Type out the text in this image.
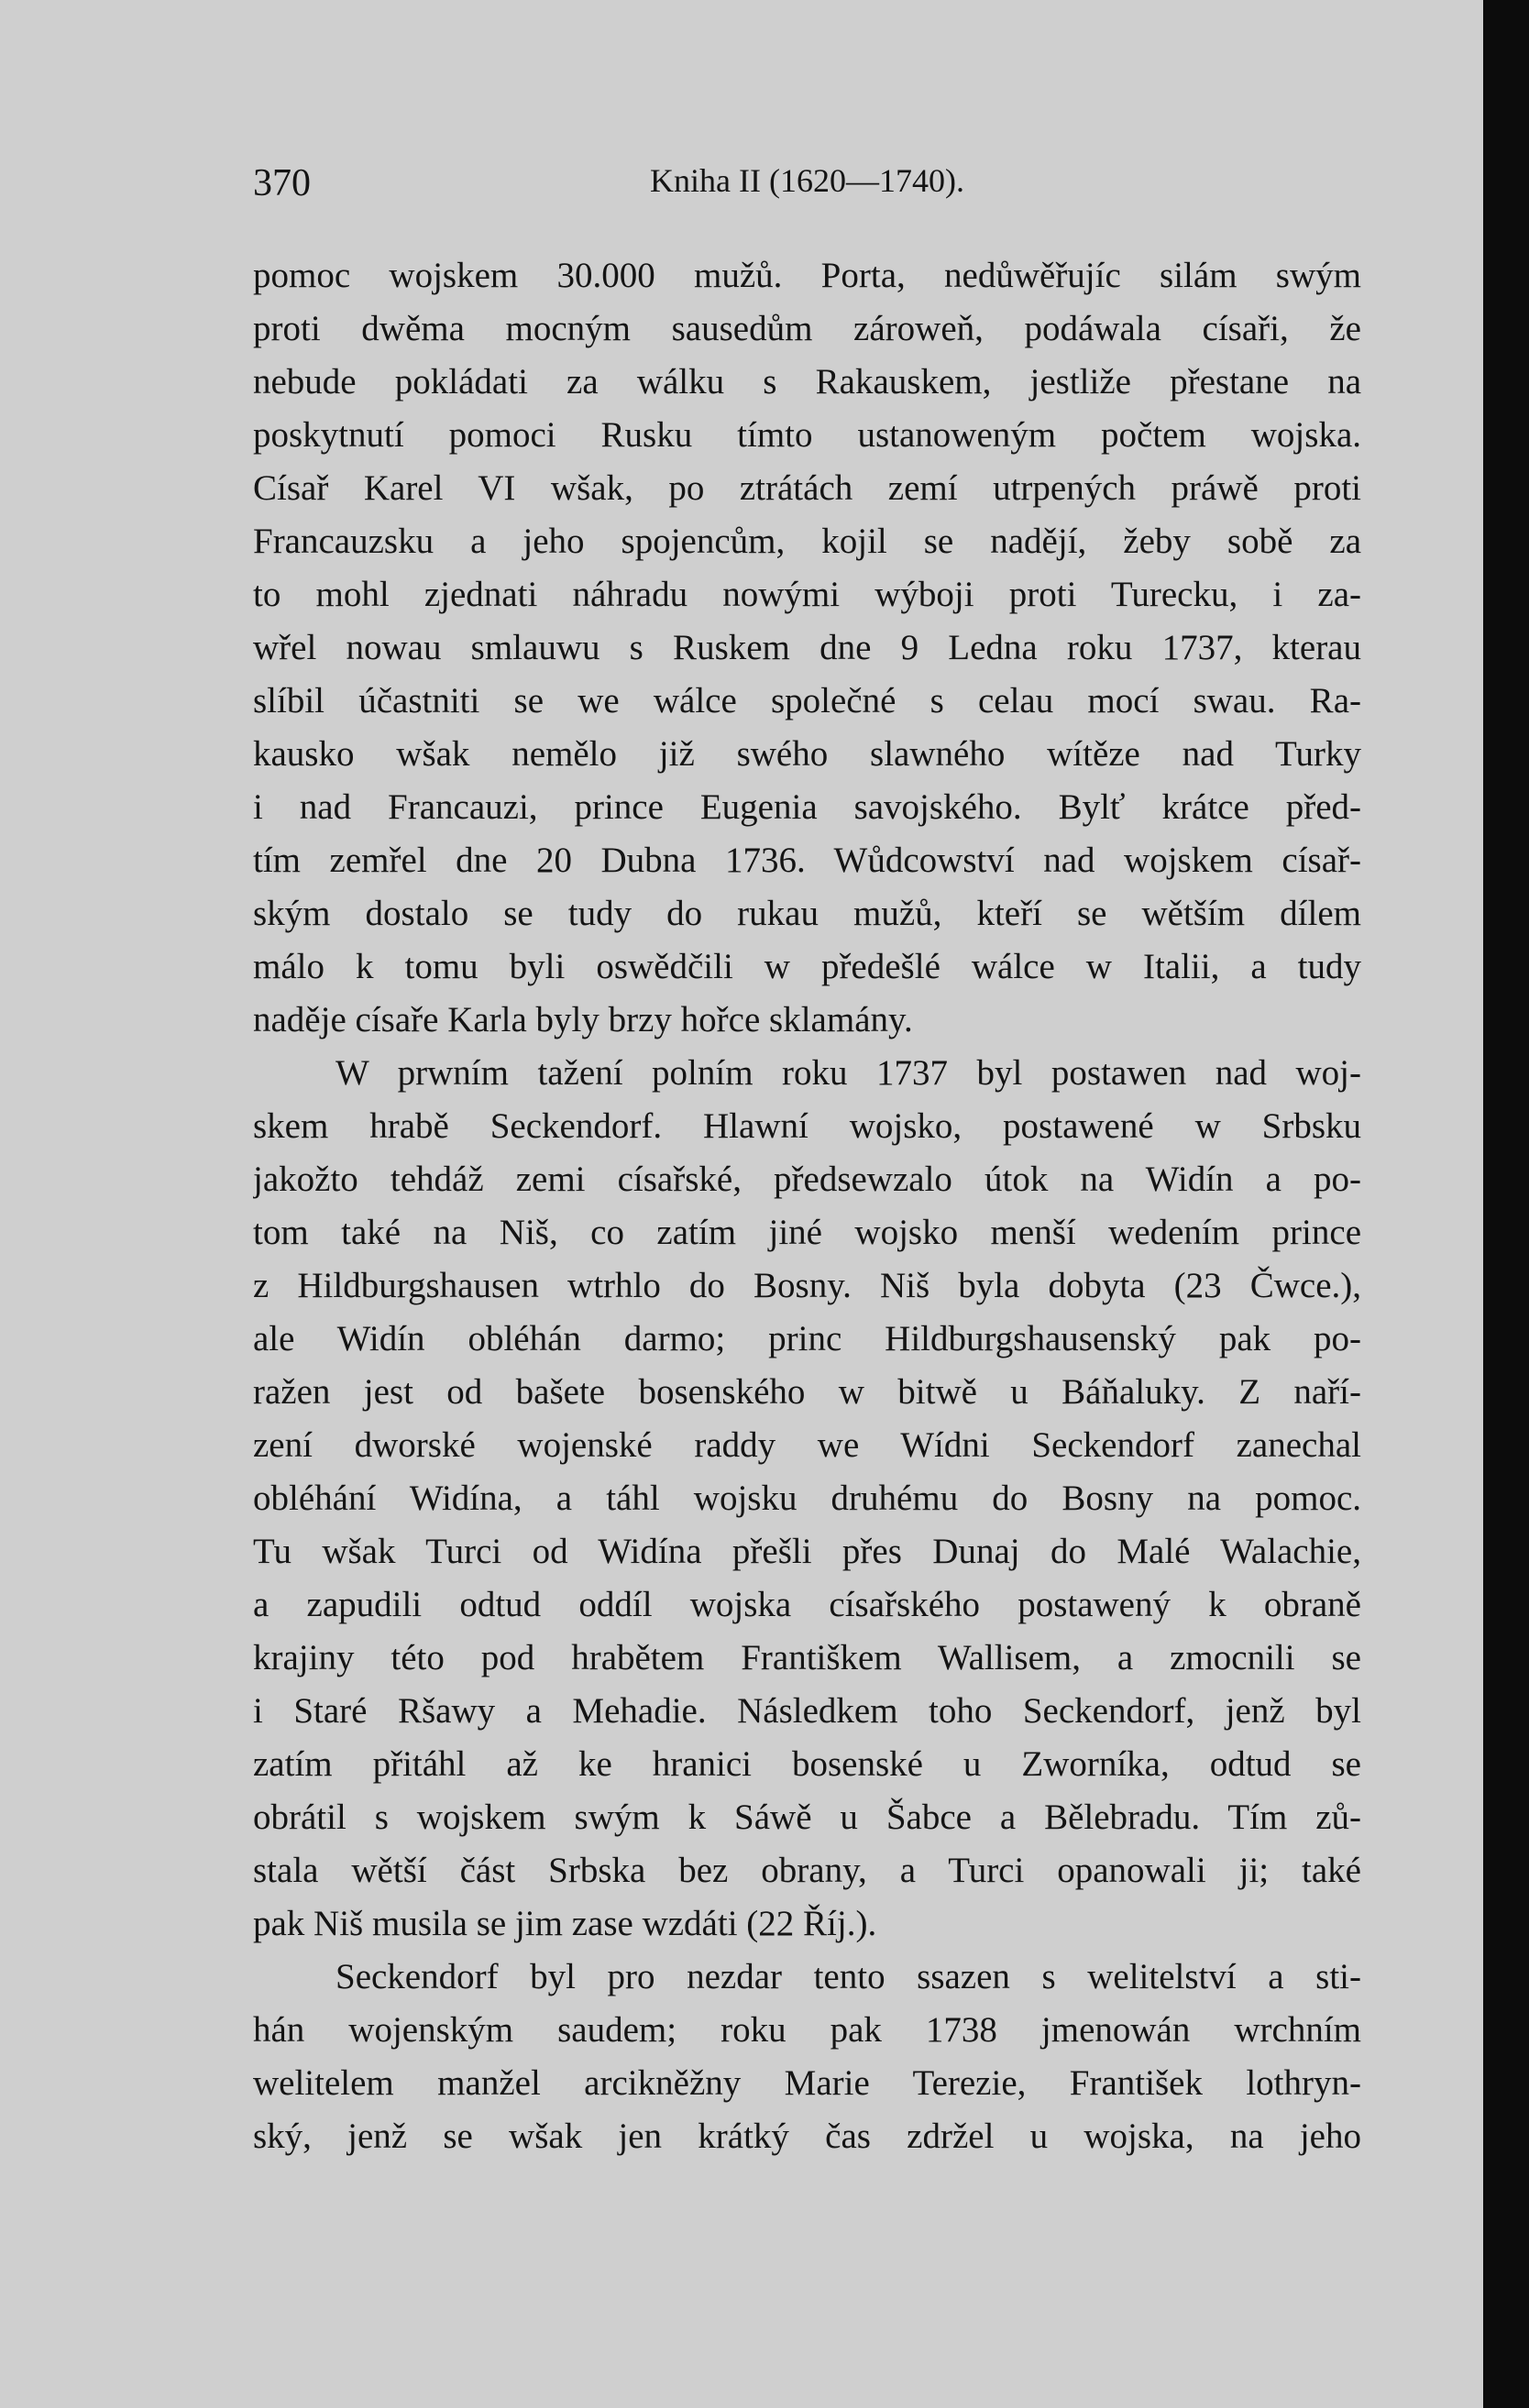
370	Kniha II (1620—1740).
pomoc wojskem 30.000 mužů. Porta, nedůwěřujíc silám swým
proti dwěma mocným sausedům zároweň, podáwala císaři, že
nebude pokládati za wálku s Rakauskem, jestliže přestane na
poskytnutí pomoci Rusku tímto ustanoweným počtem wojska.
Císař Karel VI wšak, po ztrátách zemí utrpených práwě proti
Francauzsku a jeho spojencům, kojil se nadějí, žeby sobě za
to mohl zjednati náhradu nowými wýboji proti Turecku, i za-
wřel nowau smlauwu s Ruskem dne 9 Ledna roku 1737, kterau
slíbil účastniti se we wálce společné s celau mocí swau. Ra-
kausko wšak nemělo již swého slawného wítěze nad Turky
i nad Francauzi, prince Eugenia savojského. Bylť krátce před-
tím zemřel dne 20 Dubna 1736. Wůdcowství nad wojskem císař-
ským dostalo se tudy do rukau mužů, kteří se wětším dílem
málo k tomu byli oswědčili w předešlé wálce w Italii, a tudy
naděje císaře Karla byly brzy hořce sklamány.
W prwním tažení polním roku 1737 byl postawen nad woj-
skem hrabě Seckendorf. Hlawní wojsko, postawené w Srbsku
jakožto tehdáž zemi císařské, předsewzalo útok na Widín a po-
tom také na Niš, co zatím jiné wojsko menší wedením prince
z Hildburgshausen wtrhlo do Bosny. Niš byla dobyta (23 Čwce.),
ale Widín obléhán darmo; princ Hildburgshausenský pak po-
ražen jest od bašete bosenského w bitwě u Báňaluky. Z naří-
zení dworské wojenské raddy we Wídni Seckendorf zanechal
obléhání Widína, a táhl wojsku druhému do Bosny na pomoc.
Tu wšak Turci od Widína přešli přes Dunaj do Malé Walachie,
a zapudili odtud oddíl wojska císařského postawený k obraně
krajiny této pod hrabětem Františkem Wallisem, a zmocnili se
i Staré Ršawy a Mehadie. Následkem toho Seckendorf, jenž byl
zatím přitáhl až ke hranici bosenské u Zworníka, odtud se
obrátil s wojskem swým k Sáwě u Šabce a Bělebradu. Tím zů-
stala wětší část Srbska bez obrany, a Turci opanowali ji; také
pak Niš musila se jim zase wzdáti (22 Říj.).
Seckendorf byl pro nezdar tento ssazen s welitelství a sti-
hán wojenským saudem; roku pak 1738 jmenowán wrchním
welitelem manžel arcikněžny Marie Terezie, František lothryn-
ský, jenž se wšak jen krátký čas zdržel u wojska, na jeho
